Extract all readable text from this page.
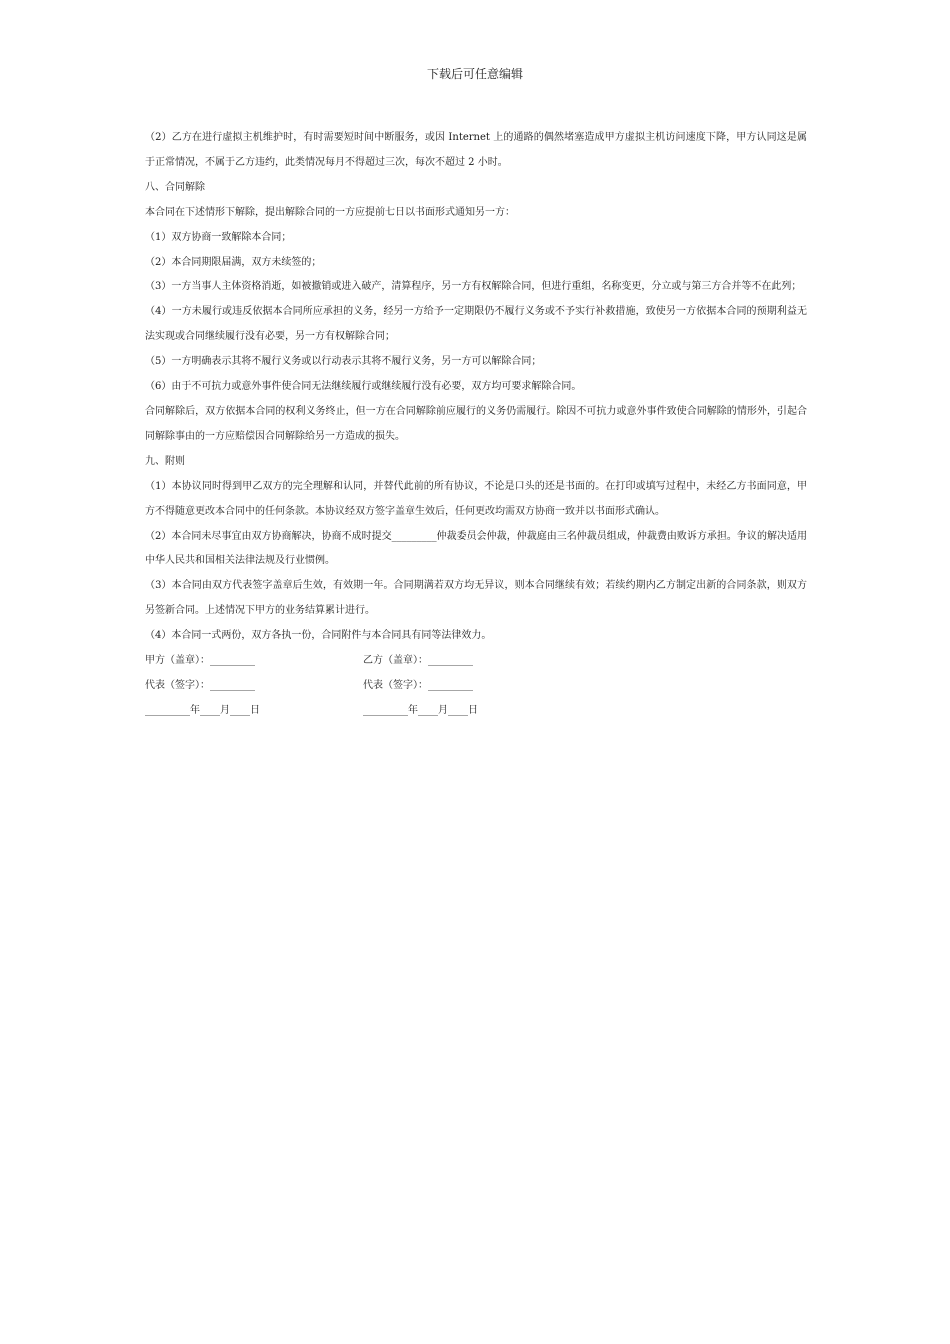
下载后可任意编辑

（2）乙方在进行虚拟主机维护时，有时需要短时间中断服务，或因 Internet 上的通路的偶然堵塞造成甲方虚拟主机访问速度下降，甲方认同这是属于正常情况，不属于乙方违约，此类情况每月不得超过三次，每次不超过 2 小时。

八、合同解除

本合同在下述情形下解除，提出解除合同的一方应提前七日以书面形式通知另一方：

（1）双方协商一致解除本合同；

（2）本合同期限届满，双方未续签的；

（3）一方当事人主体资格消逝，如被撤销或进入破产，清算程序，另一方有权解除合同，但进行重组，名称变更，分立或与第三方合并等不在此列；

（4）一方未履行或违反依据本合同所应承担的义务，经另一方给予一定期限仍不履行义务或不予实行补救措施，致使另一方依据本合同的预期利益无法实现或合同继续履行没有必要，另一方有权解除合同；

（5）一方明确表示其将不履行义务或以行动表示其将不履行义务，另一方可以解除合同；

（6）由于不可抗力或意外事件使合同无法继续履行或继续履行没有必要，双方均可要求解除合同。

合同解除后，双方依据本合同的权利义务终止，但一方在合同解除前应履行的义务仍需履行。除因不可抗力或意外事件致使合同解除的情形外，引起合同解除事由的一方应赔偿因合同解除给另一方造成的损失。

九、附则

（1）本协议同时得到甲乙双方的完全理解和认同，并替代此前的所有协议，不论是口头的还是书面的。在打印或填写过程中，未经乙方书面同意，甲方不得随意更改本合同中的任何条款。本协议经双方签字盖章生效后，任何更改均需双方协商一致并以书面形式确认。

（2）本合同未尽事宜由双方协商解决，协商不成时提交_________仲裁委员会仲裁，仲裁庭由三名仲裁员组成，仲裁费由败诉方承担。争议的解决适用中华人民共和国相关法律法规及行业惯例。

（3）本合同由双方代表签字盖章后生效，有效期一年。合同期满若双方均无异议，则本合同继续有效；若续约期内乙方制定出新的合同条款，则双方另签新合同。上述情况下甲方的业务结算累计进行。

（4）本合同一式两份，双方各执一份，合同附件与本合同具有同等法律效力。

甲方（盖章）：_________	乙方（盖章）：_________
代表（签字）：_________	代表（签字）：_________
_________年____月____日	_________年____月____日
